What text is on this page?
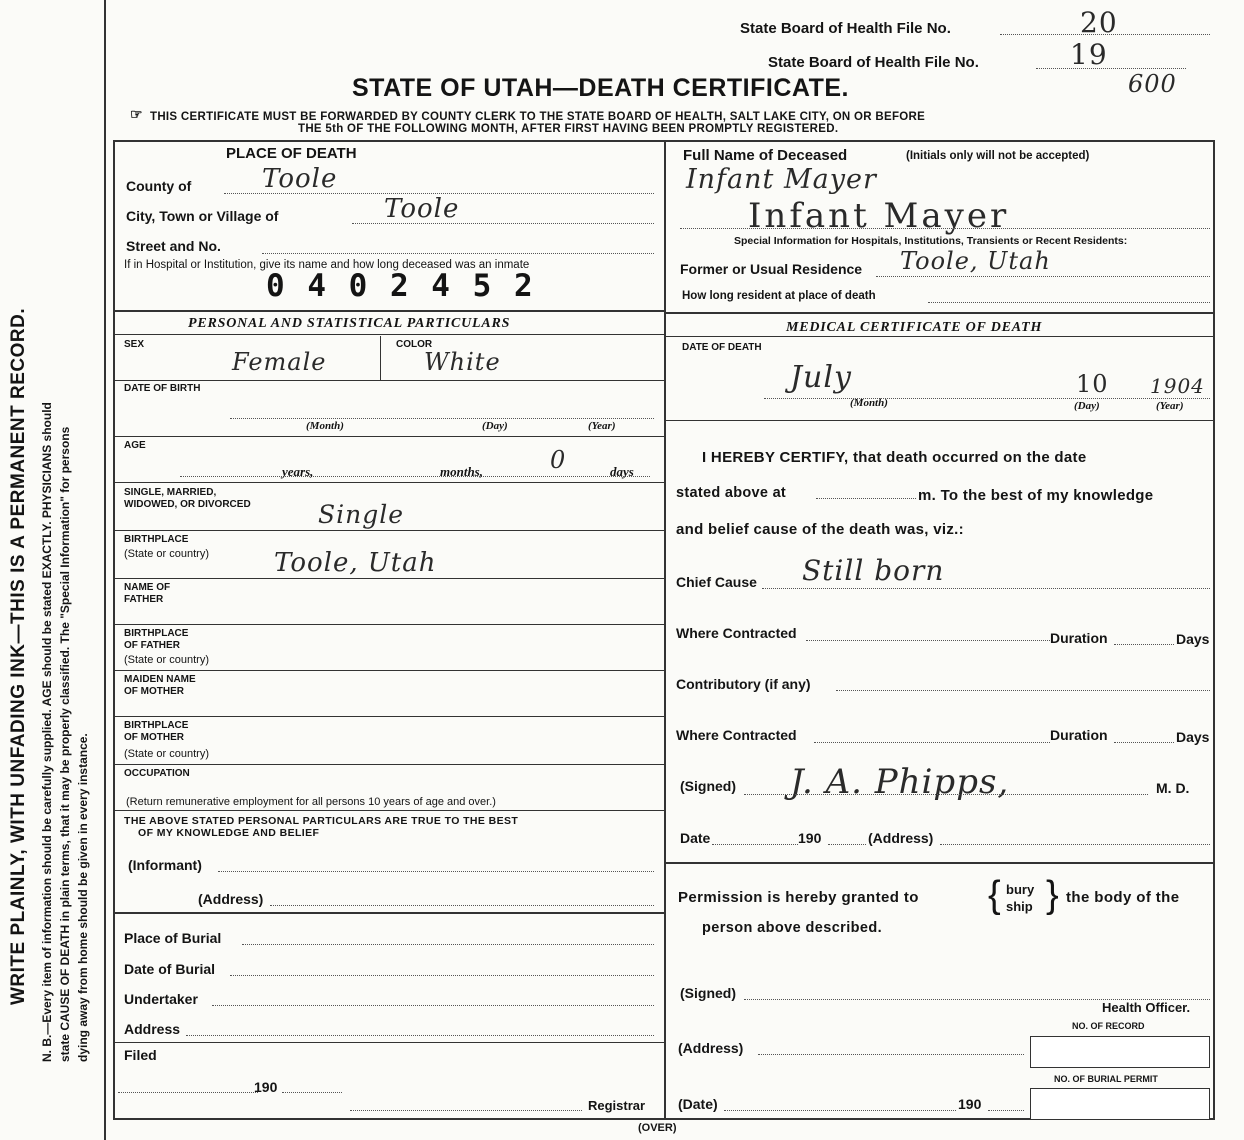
WRITE PLAINLY, WITH UNFADING INK—THIS IS A PERMANENT RECORD. N. B.—Every item of information should be carefully supplied. AGE should be stated EXACTLY. PHYSICIANS should state CAUSE OF DEATH in plain terms, that it may be properly classified. The "Special Information" for persons dying away from home should be given in every instance.
State Board of Health File No.	20
State Board of Health File No.	19
600
STATE OF UTAH—DEATH CERTIFICATE.
☞ THIS CERTIFICATE MUST BE FORWARDED BY COUNTY CLERK TO THE STATE BOARD OF HEALTH, SALT LAKE CITY, ON OR BEFORE
THE 5th OF THE FOLLOWING MONTH, AFTER FIRST HAVING BEEN PROMPTLY REGISTERED.
PLACE OF DEATH
County of	Toole
City, Town or Village of	Toole
Street and No.
If in Hospital or Institution, give its name and how long deceased was an inmate
0 4 0 2 4 5 2
Full Name of Deceased	(Initials only will not be accepted)
Infant Mayer
Infant Mayer
Special Information for Hospitals, Institutions, Transients or Recent Residents:
Former or Usual Residence Toole, Utah
How long resident at place of death
PERSONAL AND STATISTICAL PARTICULARS
SEX
Female
COLOR
White
DATE OF BIRTH
(Month)	(Day)	(Year)
AGE
years,	months,	0	days
SINGLE, MARRIED,
WIDOWED, OR DIVORCED	Single
BIRTHPLACE
(State or country)	Toole, Utah
NAME OF
FATHER
BIRTHPLACE
OF FATHER
(State or country)
MAIDEN NAME
OF MOTHER
BIRTHPLACE
OF MOTHER
(State or country)
OCCUPATION
(Return remunerative employment for all persons 10 years of age and over.)
THE ABOVE STATED PERSONAL PARTICULARS ARE TRUE TO THE BEST
OF MY KNOWLEDGE AND BELIEF
(Informant)
(Address)
Place of Burial
Date of Burial
Undertaker
Address
Filed
190
Registrar
MEDICAL CERTIFICATE OF DEATH
DATE OF DEATH
July	10 1904
(Month)	(Day)	(Year)
I HEREBY CERTIFY, that death occurred on the date
stated above at	m. To the best of my knowledge
and belief cause of the death was, viz.:
Chief Cause Still born
Where Contracted	Duration	Days
Contributory (if any)
Where Contracted	Duration	Days
(Signed) J. A. Phipps,	M. D.
Date	190	(Address)
Permission is hereby granted to { bury
ship } the body of the
person above described.
(Signed)
Health Officer.
NO. OF RECORD
(Address)
NO. OF BURIAL PERMIT
(Date)	190
(OVER)
